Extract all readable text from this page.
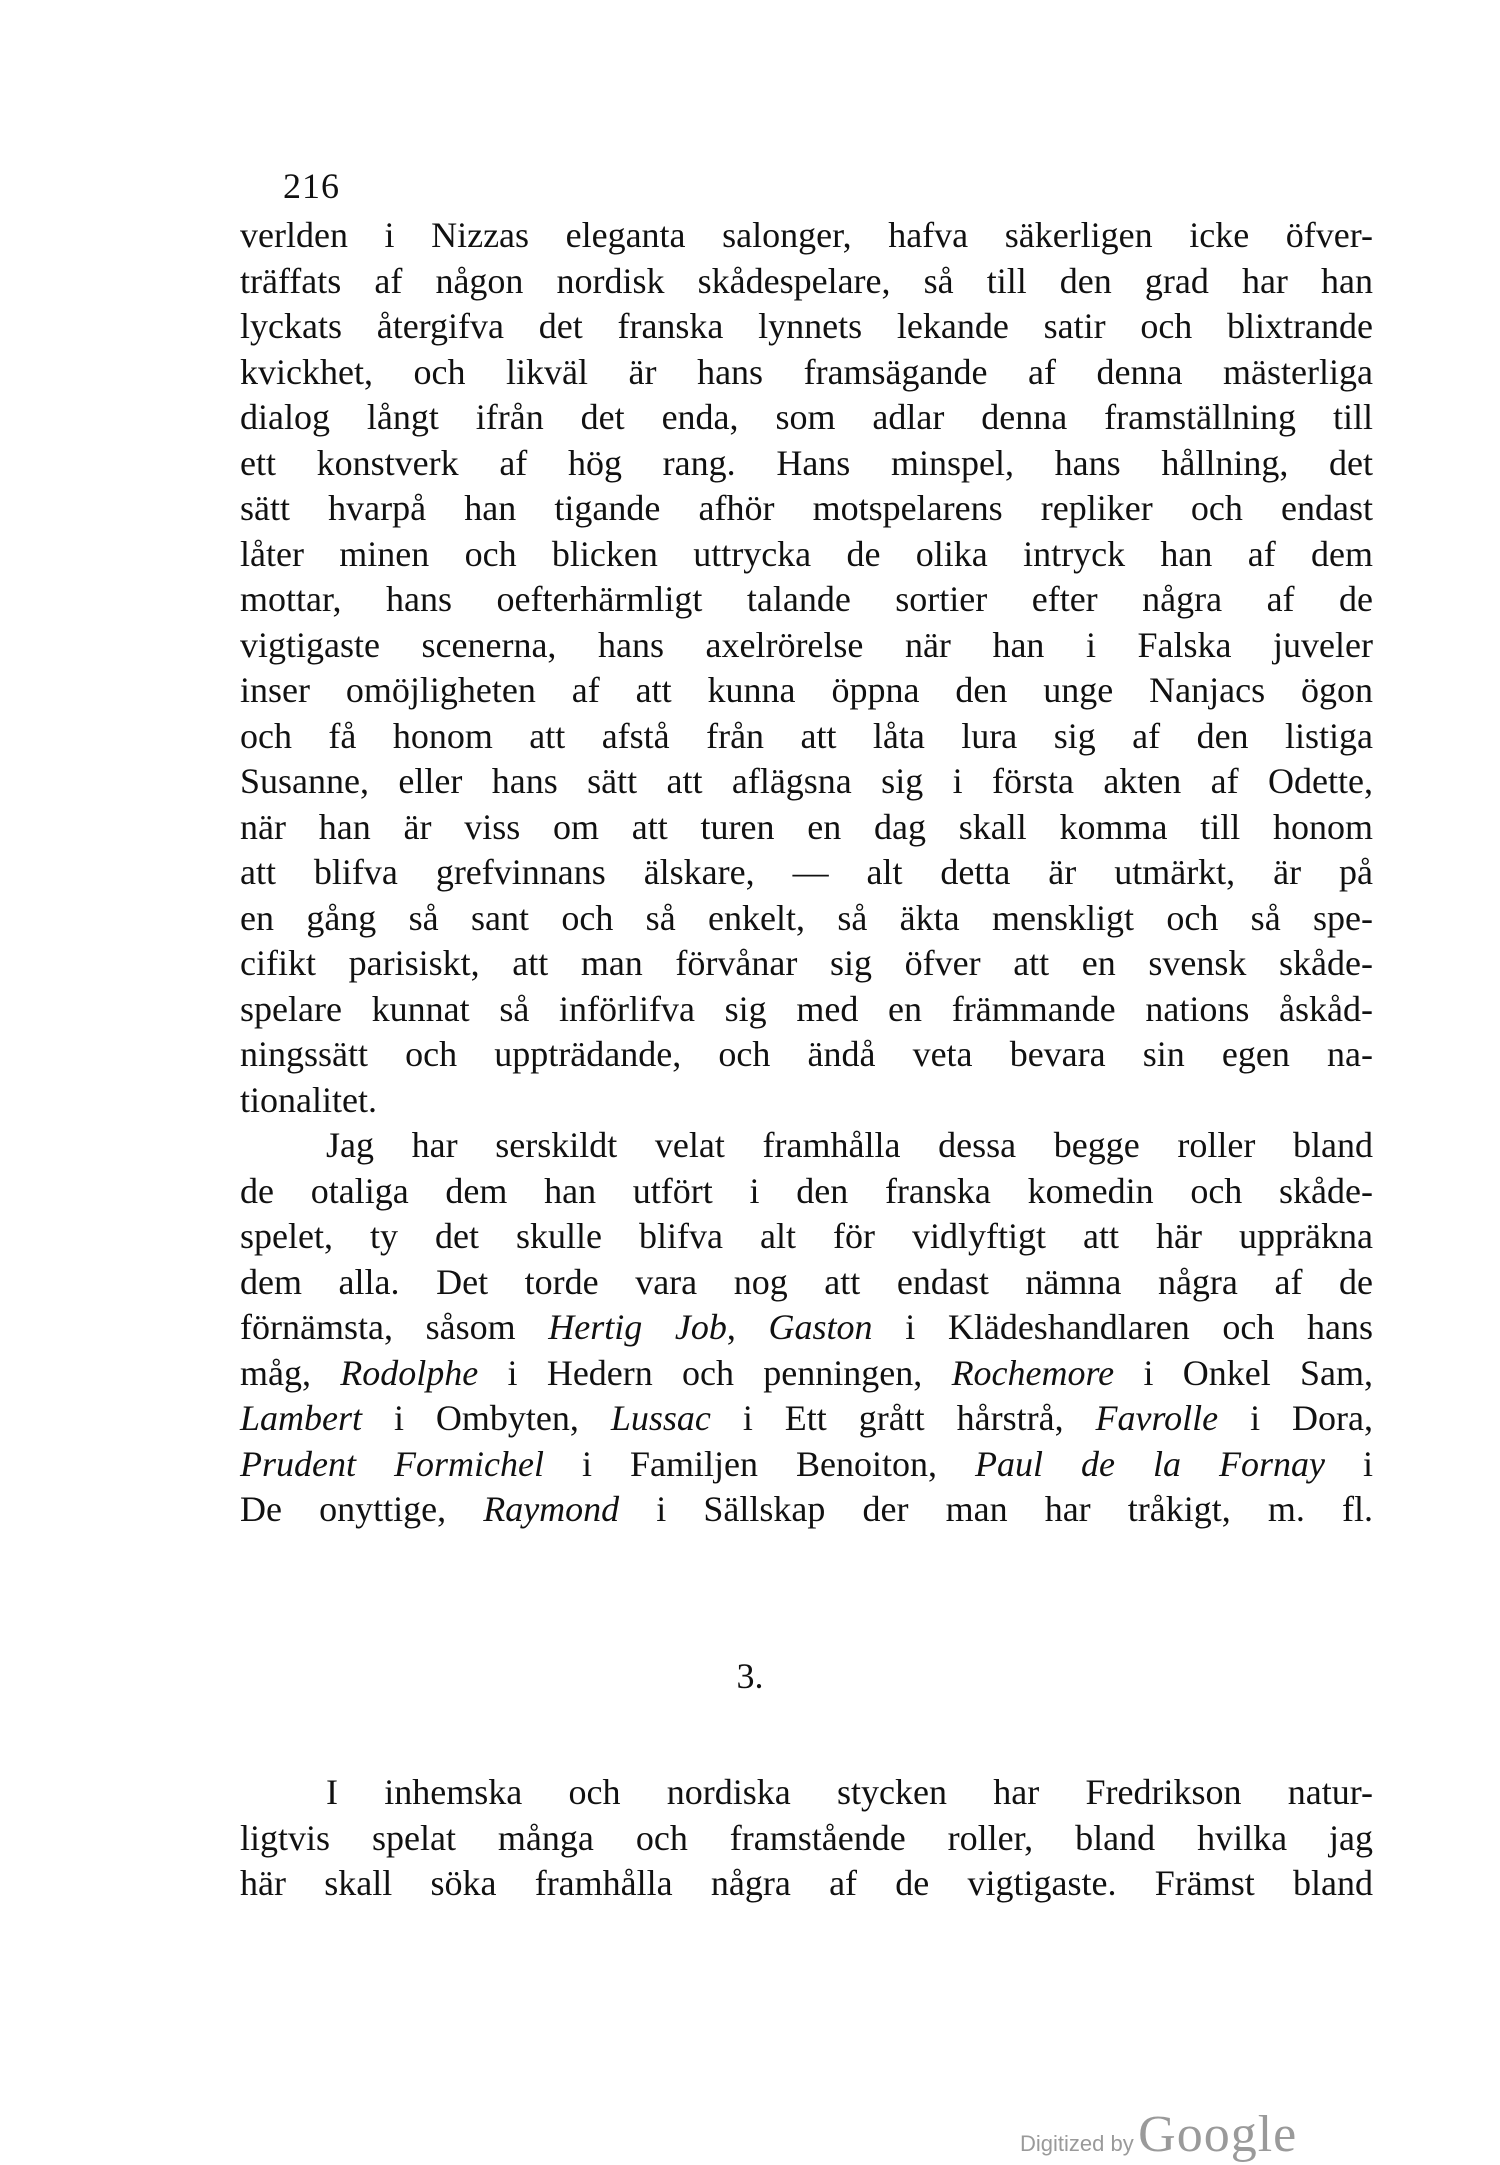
216
verlden i Nizzas eleganta salonger, hafva säkerligen icke öfver-
träffats af någon nordisk skådespelare, så till den grad har han
lyckats återgifva det franska lynnets lekande satir och blixtrande
kvickhet, och likväl är hans framsägande af denna mästerliga
dialog långt ifrån det enda, som adlar denna framställning till
ett konstverk af hög rang. Hans minspel, hans hållning, det
sätt hvarpå han tigande afhör motspelarens repliker och endast
låter minen och blicken uttrycka de olika intryck han af dem
mottar, hans oefterhärmligt talande sortier efter några af de
vigtigaste scenerna, hans axelrörelse när han i Falska juveler
inser omöjligheten af att kunna öppna den unge Nanjacs ögon
och få honom att afstå från att låta lura sig af den listiga
Susanne, eller hans sätt att aflägsna sig i första akten af Odette,
när han är viss om att turen en dag skall komma till honom
att blifva grefvinnans älskare, — alt detta är utmärkt, är på
en gång så sant och så enkelt, så äkta menskligt och så spe-
cifikt parisiskt, att man förvånar sig öfver att en svensk skåde-
spelare kunnat så införlifva sig med en främmande nations åskåd-
ningssätt och uppträdande, och ändå veta bevara sin egen na-
tionalitet.
Jag har serskildt velat framhålla dessa begge roller bland
de otaliga dem han utfört i den franska komedin och skåde-
spelet, ty det skulle blifva alt för vidlyftigt att här uppräkna
dem alla. Det torde vara nog att endast nämna några af de
förnämsta, såsom Hertig Job, Gaston i Klädeshandlaren och hans
måg, Rodolphe i Hedern och penningen, Rochemore i Onkel Sam,
Lambert i Ombyten, Lussac i Ett grått hårstrå, Favrolle i Dora,
Prudent Formichel i Familjen Benoiton, Paul de la Fornay i
De onyttige, Raymond i Sällskap der man har tråkigt, m. fl.
3.
I inhemska och nordiska stycken har Fredrikson natur-
ligtvis spelat många och framstående roller, bland hvilka jag
här skall söka framhålla några af de vigtigaste. Främst bland
Digitized by Google
